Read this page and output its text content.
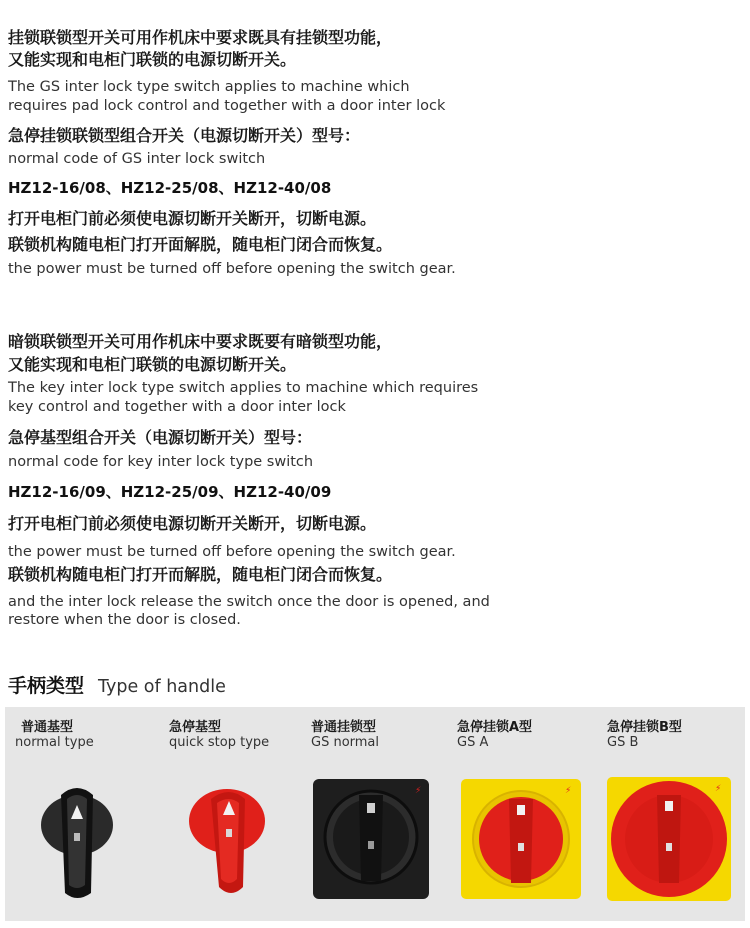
挂锁联锁型开关可用作机床中要求既具有挂锁型功能，
又能实现和电柜门联锁的电源切断开关。
The GS inter lock type switch applies to machine which
requires pad lock control and together with a door inter lock
急停挂锁联锁型组合开关（电源切断开关）型号：
normal code of GS inter lock switch
HZ12-16/08、HZ12-25/08、HZ12-40/08
打开电柜门前必须使电源切断开关断开，切断电源。
联锁机构随电柜门打开面解脱，随电柜门闭合而恢复。
the power must be turned off before opening the switch gear.
暗锁联锁型开关可用作机床中要求既要有暗锁型功能，
又能实现和电柜门联锁的电源切断开关。
The key inter lock type switch applies to machine which requires
key control and together with a door inter lock
急停基型组合开关（电源切断开关）型号：
normal code for key inter lock type switch
HZ12-16/09、HZ12-25/09、HZ12-40/09
打开电柜门前必须使电源切断开关断开，切断电源。
the power must be turned off before opening the switch gear.
联锁机构随电柜门打开而解脱，随电柜门闭合而恢复。
and the inter lock release the switch once the door is opened, and
restore when the door is closed.
手柄类型 Type of handle
普通基型
normal type
急停基型
quick stop type
普通挂锁型
GS normal
⚡
急停挂锁A型
GS A
⚡
急停挂锁B型
GS B
⚡
